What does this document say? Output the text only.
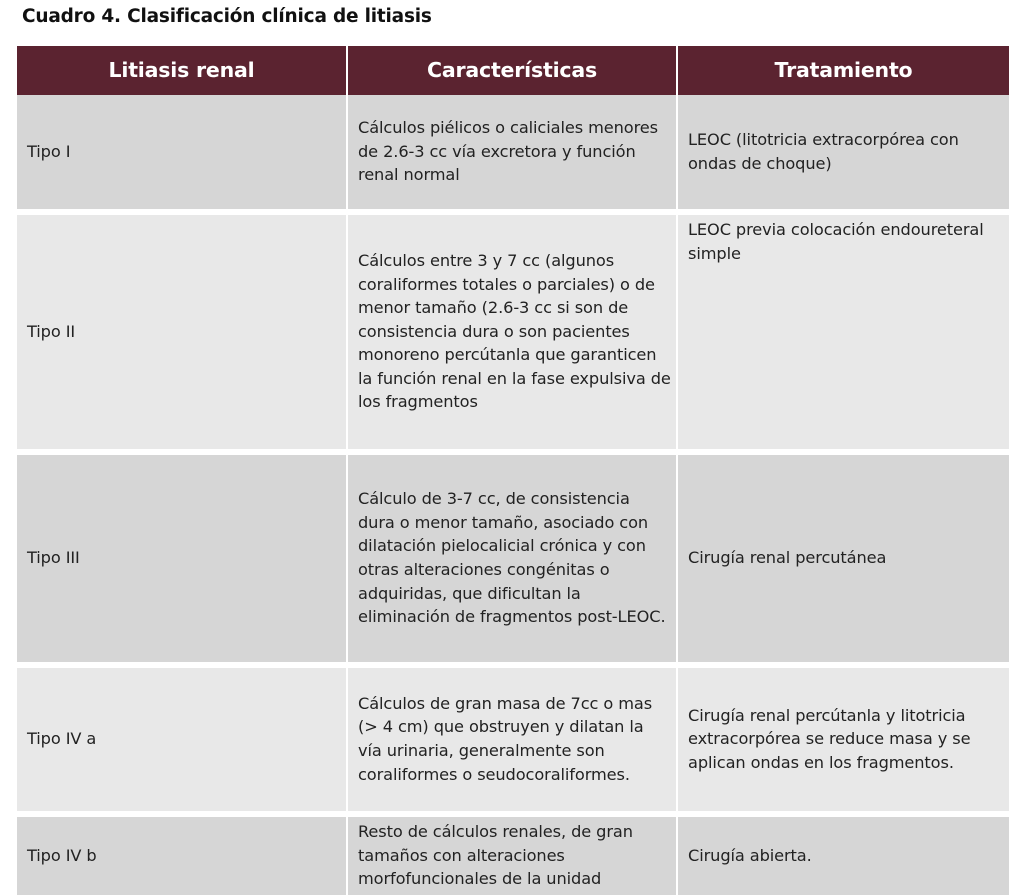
Cuadro 4. Clasificación clínica de litiasis
Litiasis renal	Características	Tratamiento
Tipo I	Cálculos piélicos o caliciales menores de 2.6-3 cc vía excretora y función renal normal	LEOC (litotricia extracorpórea con ondas de choque)
Tipo II	Cálculos entre 3 y 7 cc (algunos coraliformes totales o parciales) o de menor tamaño (2.6-3 cc si son de consistencia dura o son pacientes monoreno percútanla que garanticen la función renal en la fase expulsiva de los fragmentos	LEOC previa colocación endoureteral simple
Tipo III	Cálculo de 3-7 cc, de consistencia dura o menor tamaño, asociado con dilatación pielocalicial crónica y con otras alteraciones congénitas o adquiridas, que dificultan la eliminación de fragmentos post-LEOC.	Cirugía renal percutánea
Tipo IV a	Cálculos de gran masa de 7cc o mas (> 4 cm) que obstruyen y dilatan la vía urinaria, generalmente son coraliformes o seudocoraliformes.	Cirugía renal percútanla y litotricia extracorpórea se reduce masa y se aplican ondas en los fragmentos.
Tipo IV b	Resto de cálculos renales, de gran tamaños con alteraciones morfofuncionales de la unidad	Cirugía abierta.
